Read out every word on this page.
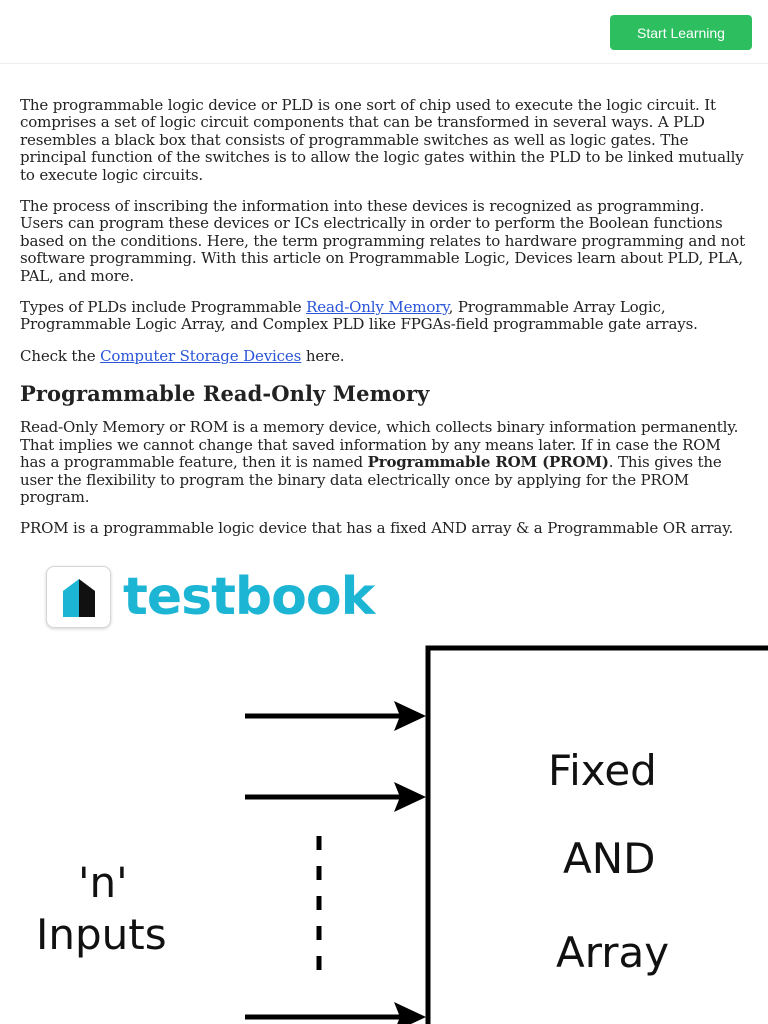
Start Learning

The programmable logic device or PLD is one sort of chip used to execute the logic circuit. It comprises a set of logic circuit components that can be transformed in several ways. A PLD resembles a black box that consists of programmable switches as well as logic gates. The principal function of the switches is to allow the logic gates within the PLD to be linked mutually to execute logic circuits.

The process of inscribing the information into these devices is recognized as programming. Users can program these devices or ICs electrically in order to perform the Boolean functions based on the conditions. Here, the term programming relates to hardware programming and not software programming. With this article on Programmable Logic, Devices learn about PLD, PLA, PAL, and more.

Types of PLDs include Programmable Read-Only Memory, Programmable Array Logic, Programmable Logic Array, and Complex PLD like FPGAs-field programmable gate arrays.

Check the Computer Storage Devices here.

Programmable Read-Only Memory

Read-Only Memory or ROM is a memory device, which collects binary information permanently. That implies we cannot change that saved information by any means later. If in case the ROM has a programmable feature, then it is named Programmable ROM (PROM). This gives the user the flexibility to program the binary data electrically once by applying for the PROM program.

PROM is a programmable logic device that has a fixed AND array & a Programmable OR array.

testbook
'n'
Inputs
Fixed
AND
Array
